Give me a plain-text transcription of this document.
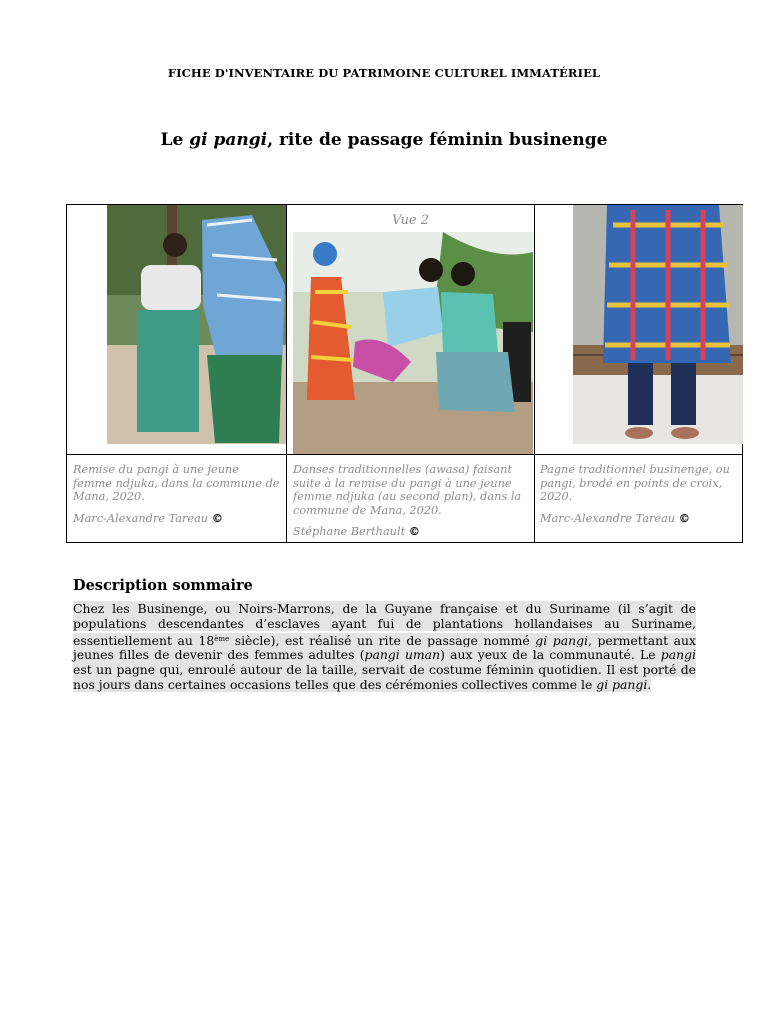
FICHE D'INVENTAIRE DU PATRIMOINE CULTUREL IMMATÉRIEL
Le gi pangi, rite de passage féminin businenge
Remise du pangi à une jeune femme ndjuka, dans la commune de Mana, 2020.
Marc-Alexandre Tareau ©
Vue 2
Danses traditionnelles (awasa) faisant suite à la remise du pangi à une jeune femme ndjuka (au second plan), dans la commune de Mana, 2020.
Stéphane Berthault ©
Pagne traditionnel businenge, ou pangi, brodé en points de croix, 2020.
Marc-Alexandre Tareau ©
Description sommaire
Chez les Businenge, ou Noirs-Marrons, de la Guyane française et du Suriname (il s’agit de populations descendantes d’esclaves ayant fui de plantations hollandaises au Suriname, essentiellement au 18ème siècle), est réalisé un rite de passage nommé gi pangi, permettant aux jeunes filles de devenir des femmes adultes (pangi uman) aux yeux de la communauté. Le pangi est un pagne qui, enroulé autour de la taille, servait de costume féminin quotidien. Il est porté de nos jours dans certaines occasions telles que des cérémonies collectives comme le gi pangi.
